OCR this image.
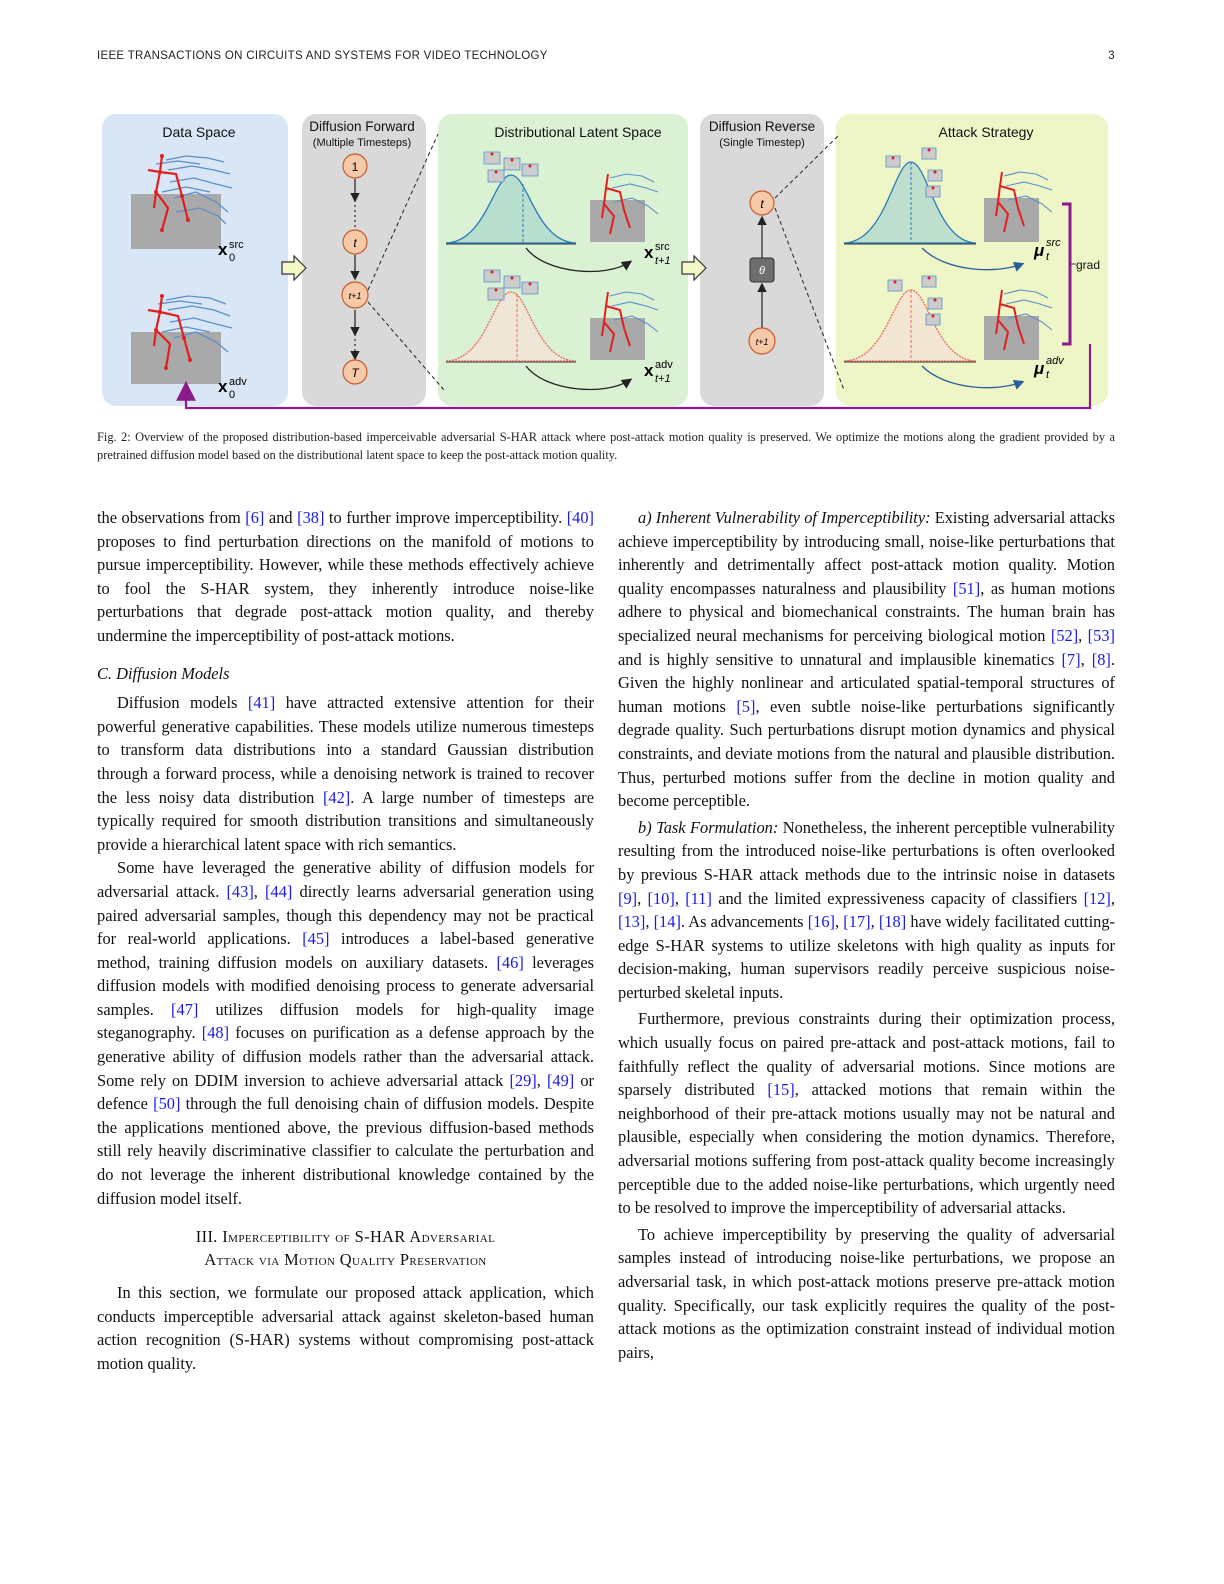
IEEE TRANSACTIONS ON CIRCUITS AND SYSTEMS FOR VIDEO TECHNOLOGY	3
Data Space	Diffusion Forward
(Multiple Timesteps)
Distributional Latent Space	Diffusion Reverse
(Single Timestep)
Attack Strategy
x src
0
x adv
0
1
t
t+1
T
x src
t+1
x adv
t+1
t
θ
t+1
μ src
t
μ adv
t
grad
Fig. 2: Overview of the proposed distribution-based imperceivable adversarial S-HAR attack where post-attack motion quality is preserved. We optimize the motions along the gradient provided by a pretrained diffusion model based on the distributional latent space to keep the post-attack motion quality.

the observations from [6] and [38] to further improve imperceptibility. [40] proposes to find perturbation directions on the manifold of motions to pursue imperceptibility. However, while these methods effectively achieve to fool the S-HAR system, they inherently introduce noise-like perturbations that degrade post-attack motion quality, and thereby undermine the imperceptibility of post-attack motions.

C. Diffusion Models

Diffusion models [41] have attracted extensive attention for their powerful generative capabilities. These models utilize numerous timesteps to transform data distributions into a standard Gaussian distribution through a forward process, while a denoising network is trained to recover the less noisy data distribution [42]. A large number of timesteps are typically required for smooth distribution transitions and simultaneously provide a hierarchical latent space with rich semantics.

Some have leveraged the generative ability of diffusion models for adversarial attack. [43], [44] directly learns adversarial generation using paired adversarial samples, though this dependency may not be practical for real-world applications. [45] introduces a label-based generative method, training diffusion models on auxiliary datasets. [46] leverages diffusion models with modified denoising process to generate adversarial samples. [47] utilizes diffusion models for high-quality image steganography. [48] focuses on purification as a defense approach by the generative ability of diffusion models rather than the adversarial attack. Some rely on DDIM inversion to achieve adversarial attack [29], [49] or defence [50] through the full denoising chain of diffusion models. Despite the applications mentioned above, the previous diffusion-based methods still rely heavily discriminative classifier to calculate the perturbation and do not leverage the inherent distributional knowledge contained by the diffusion model itself.

III. Imperceptibility of S-HAR Adversarial
Attack via Motion Quality Preservation

In this section, we formulate our proposed attack application, which conducts imperceptible adversarial attack against skeleton-based human action recognition (S-HAR) systems without compromising post-attack motion quality.

a) Inherent Vulnerability of Imperceptibility: Existing adversarial attacks achieve imperceptibility by introducing small, noise-like perturbations that inherently and detrimentally affect post-attack motion quality. Motion quality encompasses naturalness and plausibility [51], as human motions adhere to physical and biomechanical constraints. The human brain has specialized neural mechanisms for perceiving biological motion [52], [53] and is highly sensitive to unnatural and implausible kinematics [7], [8]. Given the highly nonlinear and articulated spatial-temporal structures of human motions [5], even subtle noise-like perturbations significantly degrade quality. Such perturbations disrupt motion dynamics and physical constraints, and deviate motions from the natural and plausible distribution. Thus, perturbed motions suffer from the decline in motion quality and become perceptible.

b) Task Formulation: Nonetheless, the inherent perceptible vulnerability resulting from the introduced noise-like perturbations is often overlooked by previous S-HAR attack methods due to the intrinsic noise in datasets [9], [10], [11] and the limited expressiveness capacity of classifiers [12], [13], [14]. As advancements [16], [17], [18] have widely facilitated cutting-edge S-HAR systems to utilize skeletons with high quality as inputs for decision-making, human supervisors readily perceive suspicious noise-perturbed skeletal inputs.

Furthermore, previous constraints during their optimization process, which usually focus on paired pre-attack and post-attack motions, fail to faithfully reflect the quality of adversarial motions. Since motions are sparsely distributed [15], attacked motions that remain within the neighborhood of their pre-attack motions usually may not be natural and plausible, especially when considering the motion dynamics. Therefore, adversarial motions suffering from post-attack quality become increasingly perceptible due to the added noise-like perturbations, which urgently need to be resolved to improve the imperceptibility of adversarial attacks.

To achieve imperceptibility by preserving the quality of adversarial samples instead of introducing noise-like perturbations, we propose an adversarial task, in which post-attack motions preserve pre-attack motion quality. Specifically, our task explicitly requires the quality of the post-attack motions as the optimization constraint instead of individual motion pairs,
